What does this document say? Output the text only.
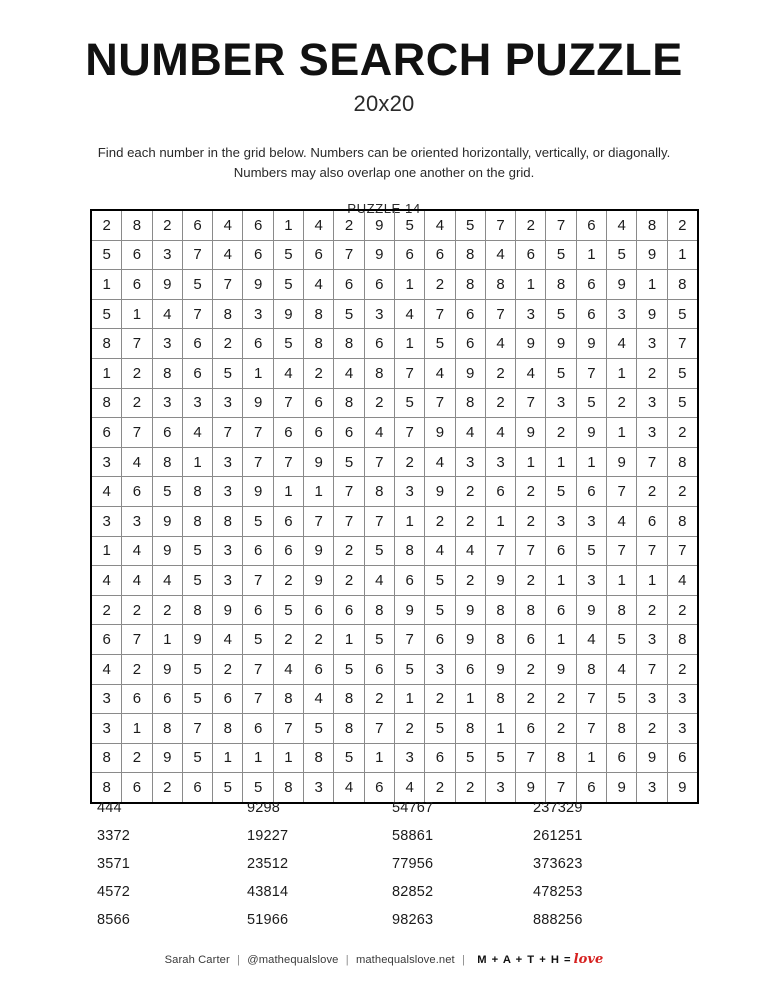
NUMBER SEARCH PUZZLE
20x20

Find each number in the grid below. Numbers can be oriented horizontally, vertically, or diagonally. Numbers may also overlap one another on the grid.

PUZZLE 14
2	8	2	6	4	6	1	4	2	9	5	4	5	7	2	7	6	4	8	2
5	6	3	7	4	6	5	6	7	9	6	6	8	4	6	5	1	5	9	1
1	6	9	5	7	9	5	4	6	6	1	2	8	8	1	8	6	9	1	8
5	1	4	7	8	3	9	8	5	3	4	7	6	7	3	5	6	3	9	5
8	7	3	6	2	6	5	8	8	6	1	5	6	4	9	9	9	4	3	7
1	2	8	6	5	1	4	2	4	8	7	4	9	2	4	5	7	1	2	5
8	2	3	3	3	9	7	6	8	2	5	7	8	2	7	3	5	2	3	5
6	7	6	4	7	7	6	6	6	4	7	9	4	4	9	2	9	1	3	2
3	4	8	1	3	7	7	9	5	7	2	4	3	3	1	1	1	9	7	8
4	6	5	8	3	9	1	1	7	8	3	9	2	6	2	5	6	7	2	2
3	3	9	8	8	5	6	7	7	7	1	2	2	1	2	3	3	4	6	8
1	4	9	5	3	6	6	9	2	5	8	4	4	7	7	6	5	7	7	7
4	4	4	5	3	7	2	9	2	4	6	5	2	9	2	1	3	1	1	4
2	2	2	8	9	6	5	6	6	8	9	5	9	8	8	6	9	8	2	2
6	7	1	9	4	5	2	2	1	5	7	6	9	8	6	1	4	5	3	8
4	2	9	5	2	7	4	6	5	6	5	3	6	9	2	9	8	4	7	2
3	6	6	5	6	7	8	4	8	2	1	2	1	8	2	2	7	5	3	3
3	1	8	7	8	6	7	5	8	7	2	5	8	1	6	2	7	8	2	3
8	2	9	5	1	1	1	8	5	1	3	6	5	5	7	8	1	6	9	6
8	6	2	6	5	5	8	3	4	6	4	2	2	3	9	7	6	9	3	9
444	9298	54767	237329
3372	19227	58861	261251
3571	23512	77956	373623
4572	43814	82852	478253
8566	51966	98263	888256
Sarah Carter | @mathequalslove | mathequalslove.net | M + A + T + H = love
